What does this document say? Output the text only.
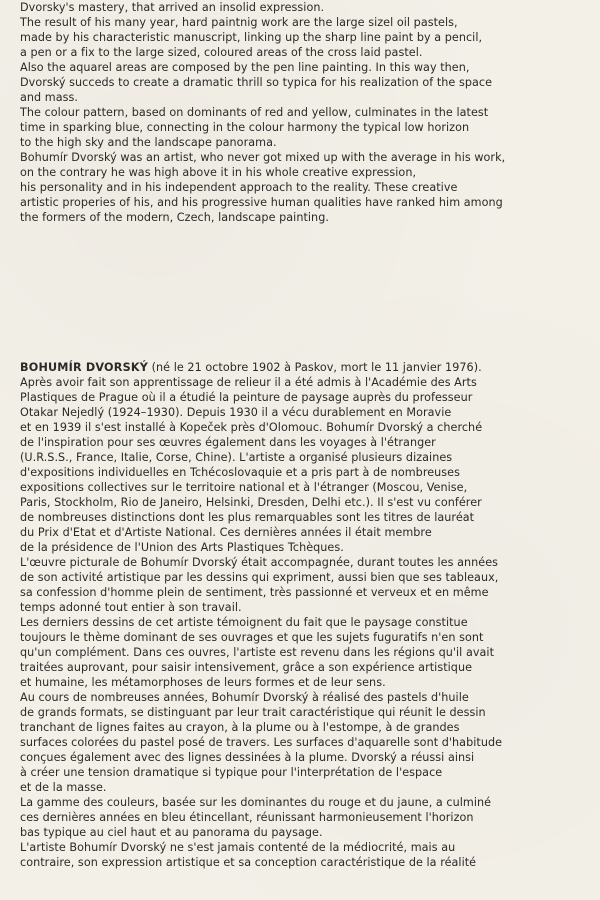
Dvorsky's mastery, that arrived an insolid expression.
The result of his many year, hard paintnig work are the large sizel oil pastels,
made by his characteristic manuscript, linking up the sharp line paint by a pencil,
a pen or a fix to the large sized, coloured areas of the cross laid pastel.
Also the aquarel areas are composed by the pen line painting. In this way then,
Dvorský succeds to create a dramatic thrill so typica for his realization of the space
and mass.
The colour pattern, based on dominants of red and yellow, culminates in the latest
time in sparking blue, connecting in the colour harmony the typical low horizon
to the high sky and the landscape panorama.
Bohumír Dvorský was an artist, who never got mixed up with the average in his work,
on the contrary he was high above it in his whole creative expression,
his personality and in his independent approach to the reality. These creative
artistic properies of his, and his progressive human qualities have ranked him among
the formers of the modern, Czech, landscape painting.
BOHUMÍR DVORSKÝ (né le 21 octobre 1902 à Paskov, mort le 11 janvier 1976).
Après avoir fait son apprentissage de relieur il a été admis à l'Académie des Arts
Plastiques de Prague où il a étudié la peinture de paysage auprès du professeur
Otakar Nejedlý (1924–1930). Depuis 1930 il a vécu durablement en Moravie
et en 1939 il s'est installé à Kopeček près d'Olomouc. Bohumír Dvorský a cherché
de l'inspiration pour ses œuvres également dans les voyages à l'étranger
(U.R.S.S., France, Italie, Corse, Chine). L'artiste a organisé plusieurs dizaines
d'expositions individuelles en Tchécoslovaquie et a pris part à de nombreuses
expositions collectives sur le territoire national et à l'étranger (Moscou, Venise,
Paris, Stockholm, Rio de Janeiro, Helsinki, Dresden, Delhi etc.). Il s'est vu conférer
de nombreuses distinctions dont les plus remarquables sont les titres de lauréat
du Prix d'Etat et d'Artiste National. Ces dernières années il était membre
de la présidence de l'Union des Arts Plastiques Tchèques.
L'œuvre picturale de Bohumír Dvorský était accompagnée, durant toutes les années
de son activité artistique par les dessins qui expriment, aussi bien que ses tableaux,
sa confession d'homme plein de sentiment, très passionné et verveux et en même
temps adonné tout entier à son travail.
Les derniers dessins de cet artiste témoignent du fait que le paysage constitue
toujours le thème dominant de ses ouvrages et que les sujets fuguratifs n'en sont
qu'un complément. Dans ces ouvres, l'artiste est revenu dans les régions qu'il avait
traitées auprovant, pour saisir intensivement, grâce a son expérience artistique
et humaine, les métamorphoses de leurs formes et de leur sens.
Au cours de nombreuses années, Bohumír Dvorský à réalisé des pastels d'huile
de grands formats, se distinguant par leur trait caractéristique qui réunit le dessin
tranchant de lignes faites au crayon, à la plume ou à l'estompe, à de grandes
surfaces colorées du pastel posé de travers. Les surfaces d'aquarelle sont d'habitude
conçues également avec des lignes dessinées à la plume. Dvorský a réussi ainsi
à créer une tension dramatique si typique pour l'interprétation de l'espace
et de la masse.
La gamme des couleurs, basée sur les dominantes du rouge et du jaune, a culminé
ces dernières années en bleu étincellant, réunissant harmonieusement l'horizon
bas typique au ciel haut et au panorama du paysage.
L'artiste Bohumír Dvorský ne s'est jamais contenté de la médiocrité, mais au
contraire, son expression artistique et sa conception caractéristique de la réalité
